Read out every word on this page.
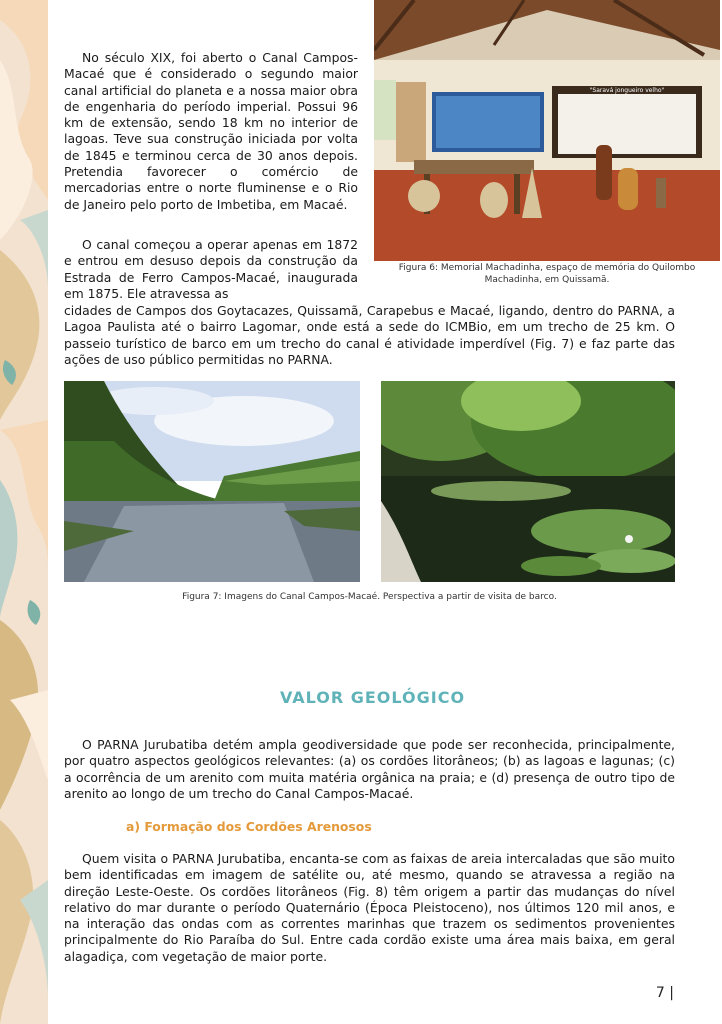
No século XIX, foi aberto o Canal Campos-Macaé que é considerado o segundo maior canal artificial do planeta e a nossa maior obra de engenharia do período imperial. Possui 96 km de extensão, sendo 18 km no interior de lagoas. Teve sua construção iniciada por volta de 1845 e terminou cerca de 30 anos depois. Pretendia favorecer o comércio de mercadorias entre o norte fluminense e o Rio de Janeiro pelo porto de Imbetiba, em Macaé.

O canal começou a operar apenas em 1872 e entrou em desuso depois da construção da Estrada de Ferro Campos-Macaé, inaugurada em 1875. Ele atravessa as

cidades de Campos dos Goytacazes, Quissamã, Carapebus e Macaé, ligando, dentro do PARNA, a Lagoa Paulista até o bairro Lagomar, onde está a sede do ICMBio, em um trecho de 25 km. O passeio turístico de barco em um trecho do canal é atividade imperdível (Fig. 7) e faz parte das ações de uso público permitidas no PARNA.

"Saravá jongueiro velho"

Figura 6: Memorial Machadinha, espaço de memória do Quilombo Machadinha, em Quissamã.

Figura 7: Imagens do Canal Campos-Macaé. Perspectiva a partir de visita de barco.

VALOR GEOLÓGICO

O PARNA Jurubatiba detém ampla geodiversidade que pode ser reconhecida, principalmente, por quatro aspectos geológicos relevantes: (a) os cordões litorâneos; (b) as lagoas e lagunas; (c) a ocorrência de um arenito com muita matéria orgânica na praia; e (d) presença de outro tipo de arenito ao longo de um trecho do Canal Campos-Macaé.

a) Formação dos Cordões Arenosos

Quem visita o PARNA Jurubatiba, encanta-se com as faixas de areia intercaladas que são muito bem identificadas em imagem de satélite ou, até mesmo, quando se atravessa a região na direção Leste-Oeste. Os cordões litorâneos (Fig. 8) têm origem a partir das mudanças do nível relativo do mar durante o período Quaternário (Época Pleistoceno), nos últimos 120 mil anos, e na interação das ondas com as correntes marinhas que trazem os sedimentos provenientes principalmente do Rio Paraíba do Sul. Entre cada cordão existe uma área mais baixa, em geral alagadiça, com vegetação de maior porte.

7 |
